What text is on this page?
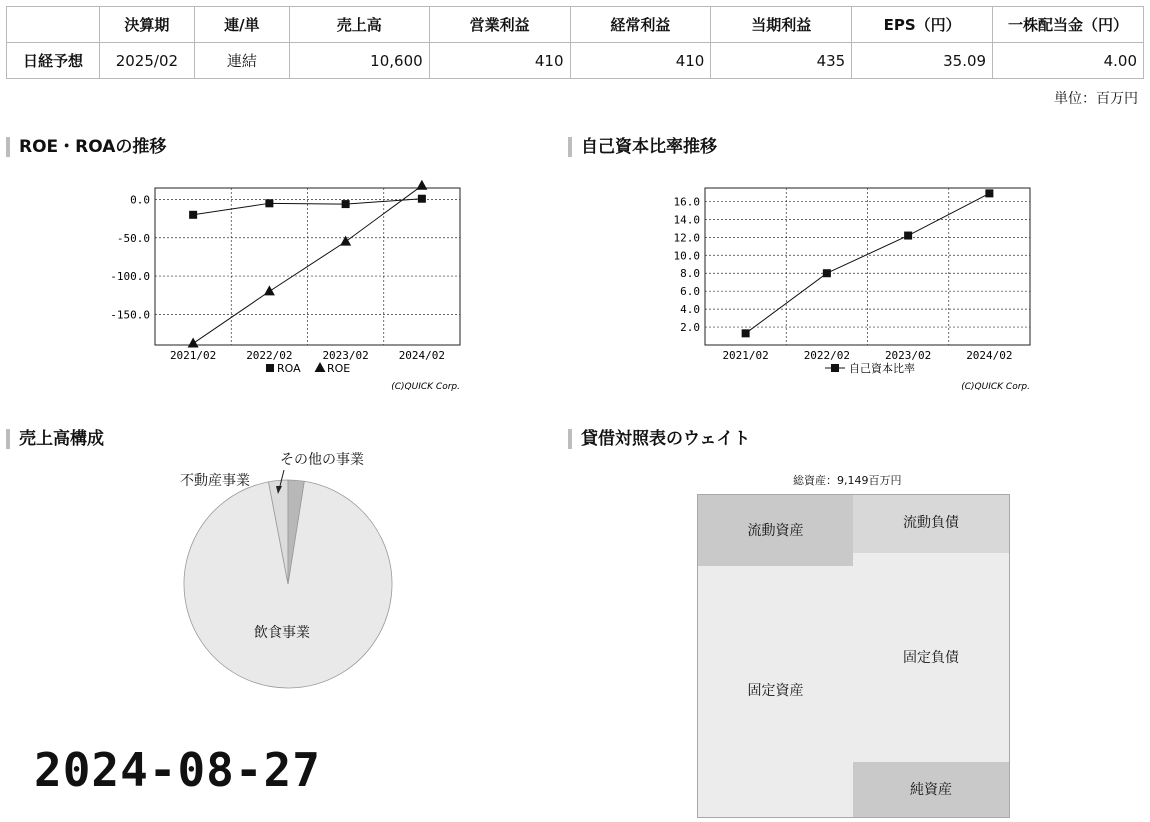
	決算期	連/単	売上高	営業利益	経常利益	当期利益	EPS（円）	一株配当金（円）
日経予想	2025/02	連結	10,600	410	410	435	35.09	4.00
単位：百万円
ROE・ROAの推移	自己資本比率推移
売上高構成	貸借対照表のウェイト
0.0
-50.0
-100.0
-150.0
2021/02	2022/02	2023/02	2024/02
ROA ROE
(C)QUICK Corp.
16.0
14.0
12.0
10.0
8.0
6.0
4.0
2.0
2021/02	2022/02	2023/02	2024/02
自己資本比率
(C)QUICK Corp.
飲食事業
不動産事業
その他の事業
総資産：9,149百万円
流動資産
固定資産
流動負債
固定負債
純資産
2024-08-27
